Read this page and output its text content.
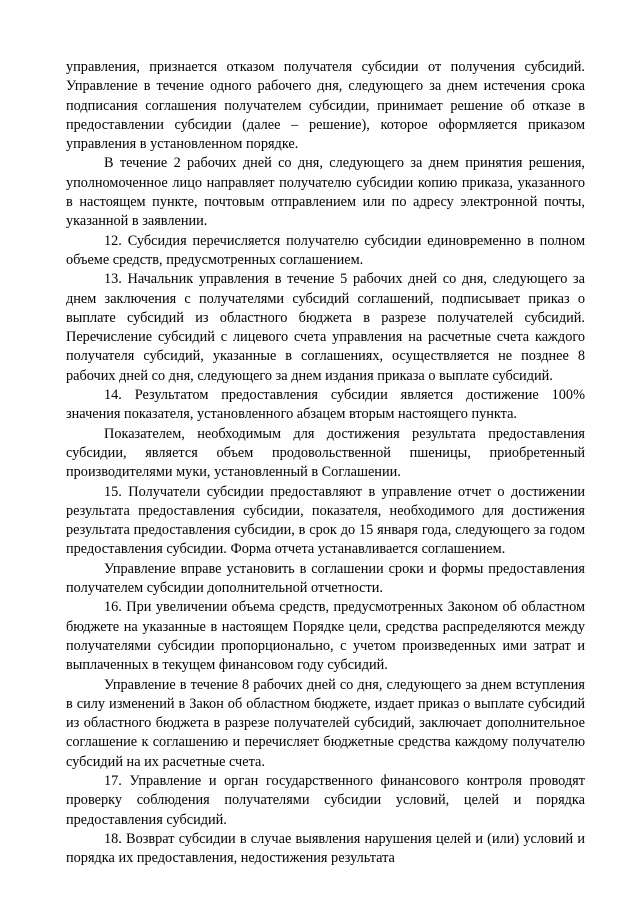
управления, признается отказом получателя субсидии от получения субсидий. Управление в течение одного рабочего дня, следующего за днем истечения срока подписания соглашения получателем субсидии, принимает решение об отказе в предоставлении субсидии (далее – решение), которое оформляется приказом управления в установленном порядке.

В течение 2 рабочих дней со дня, следующего за днем принятия решения, уполномоченное лицо направляет получателю субсидии копию приказа, указанного в настоящем пункте, почтовым отправлением или по адресу электронной почты, указанной в заявлении.

12. Субсидия перечисляется получателю субсидии единовременно в полном объеме средств, предусмотренных соглашением.

13. Начальник управления в течение 5 рабочих дней со дня, следующего за днем заключения с получателями субсидий соглашений, подписывает приказ о выплате субсидий из областного бюджета в разрезе получателей субсидий. Перечисление субсидий с лицевого счета управления на расчетные счета каждого получателя субсидий, указанные в соглашениях, осуществляется не позднее 8 рабочих дней со дня, следующего за днем издания приказа о выплате субсидий.

14. Результатом предоставления субсидии является достижение 100% значения показателя, установленного абзацем вторым настоящего пункта.

Показателем, необходимым для достижения результата предоставления субсидии, является объем продовольственной пшеницы, приобретенный производителями муки, установленный в Соглашении.

15. Получатели субсидии предоставляют в управление отчет о достижении результата предоставления субсидии, показателя, необходимого для достижения результата предоставления субсидии, в срок до 15 января года, следующего за годом предоставления субсидии. Форма отчета устанавливается соглашением.

Управление вправе установить в соглашении сроки и формы предоставления получателем субсидии дополнительной отчетности.

16. При увеличении объема средств, предусмотренных Законом об областном бюджете на указанные в настоящем Порядке цели, средства распределяются между получателями субсидии пропорционально, с учетом произведенных ими затрат и выплаченных в текущем финансовом году субсидий.

Управление в течение 8 рабочих дней со дня, следующего за днем вступления в силу изменений в Закон об областном бюджете, издает приказ о выплате субсидий из областного бюджета в разрезе получателей субсидий, заключает дополнительное соглашение к соглашению и перечисляет бюджетные средства каждому получателю субсидий на их расчетные счета.

17. Управление и орган государственного финансового контроля проводят проверку соблюдения получателями субсидии условий, целей и порядка предоставления субсидий.

18. Возврат субсидии в случае выявления нарушения целей и (или) условий и порядка их предоставления, недостижения результата
